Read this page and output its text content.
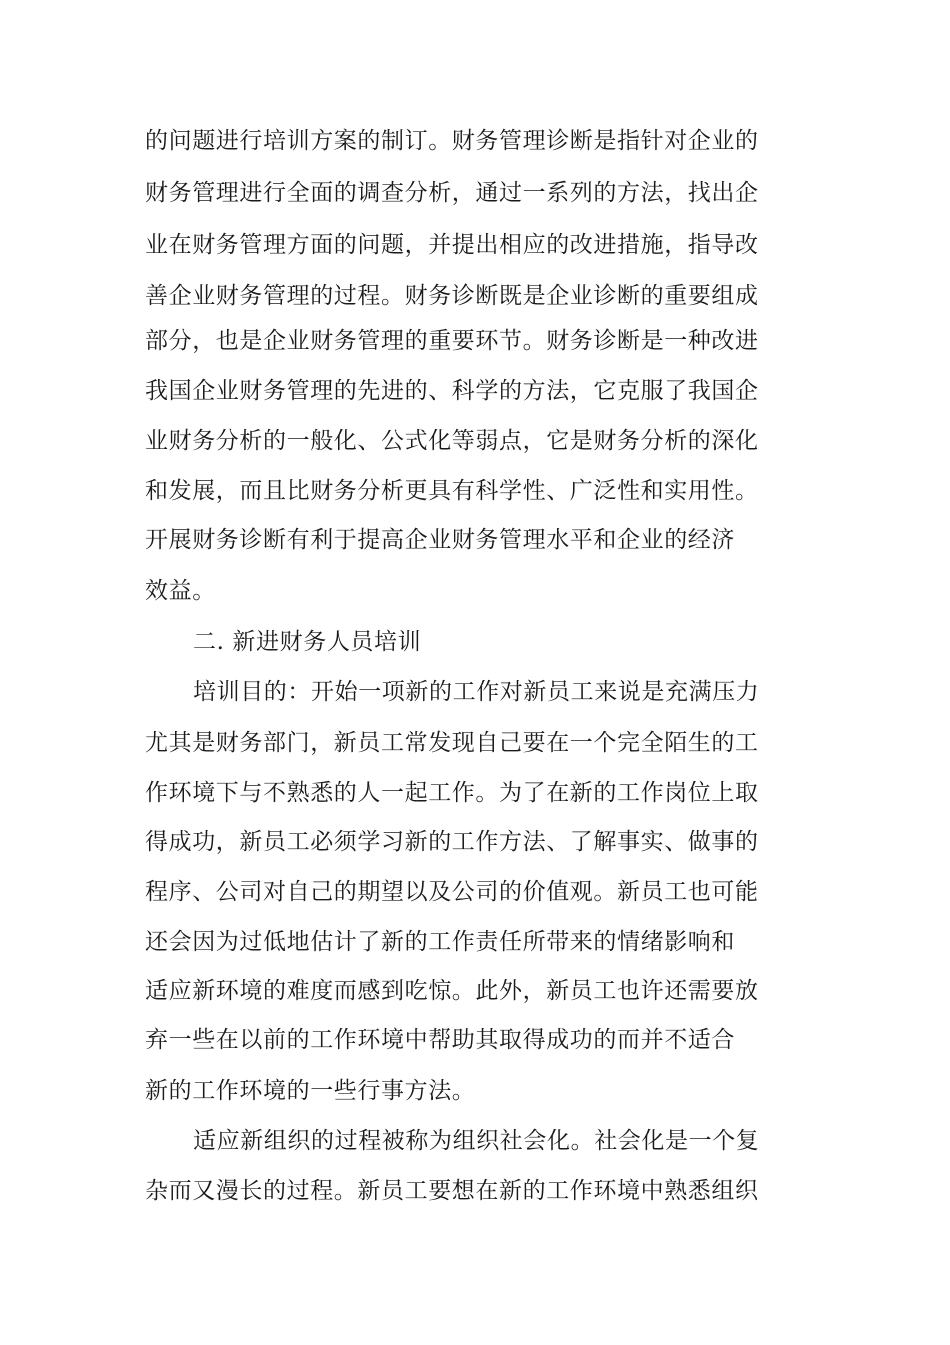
的问题进行培训方案的制订。财务管理诊断是指针对企业的
财务管理进行全面的调查分析，通过一系列的方法，找出企
业在财务管理方面的问题，并提出相应的改进措施，指导改
善企业财务管理的过程。财务诊断既是企业诊断的重要组成
部分，也是企业财务管理的重要环节。财务诊断是一种改进
我国企业财务管理的先进的、科学的方法，它克服了我国企
业财务分析的一般化、公式化等弱点，它是财务分析的深化
和发展，而且比财务分析更具有科学性、广泛性和实用性。
开展财务诊断有利于提高企业财务管理水平和企业的经济
效益。
二. 新进财务人员培训
培训目的：开始一项新的工作对新员工来说是充满压力
尤其是财务部门，新员工常发现自己要在一个完全陌生的工
作环境下与不熟悉的人一起工作。为了在新的工作岗位上取
得成功，新员工必须学习新的工作方法、了解事实、做事的
程序、公司对自己的期望以及公司的价值观。新员工也可能
还会因为过低地估计了新的工作责任所带来的情绪影响和
适应新环境的难度而感到吃惊。此外，新员工也许还需要放
弃一些在以前的工作环境中帮助其取得成功的而并不适合
新的工作环境的一些行事方法。
适应新组织的过程被称为组织社会化。社会化是一个复
杂而又漫长的过程。新员工要想在新的工作环境中熟悉组织
